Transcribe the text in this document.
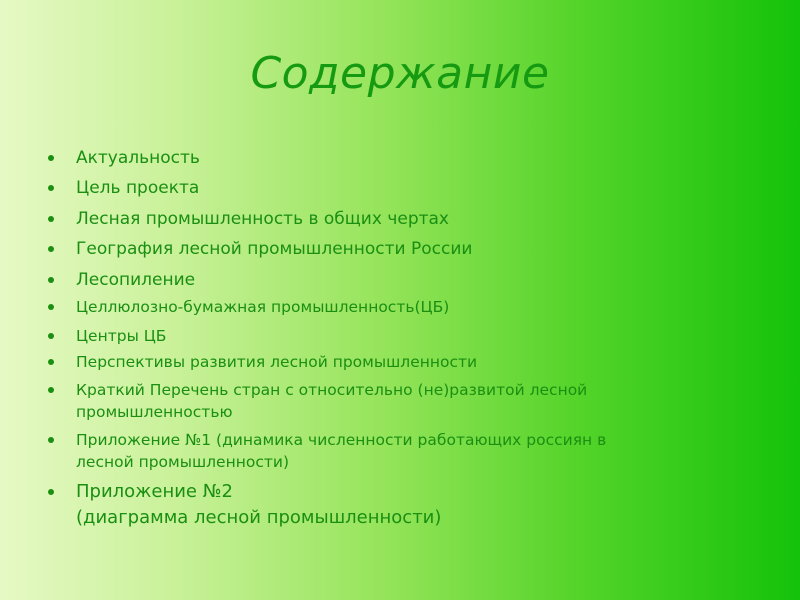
Содержание
Актуальность
Цель проекта
Лесная промышленность в общих чертах
География лесной промышленности России
Лесопиление
Целлюлозно-бумажная промышленность(ЦБ)
Центры ЦБ
Перспективы развития лесной промышленности
Краткий Перечень стран с относительно (не)развитой лесной
промышленностью
Приложение №1 (динамика численности работающих россиян в
лесной промышленности)
Приложение №2
(диаграмма лесной промышленности)
